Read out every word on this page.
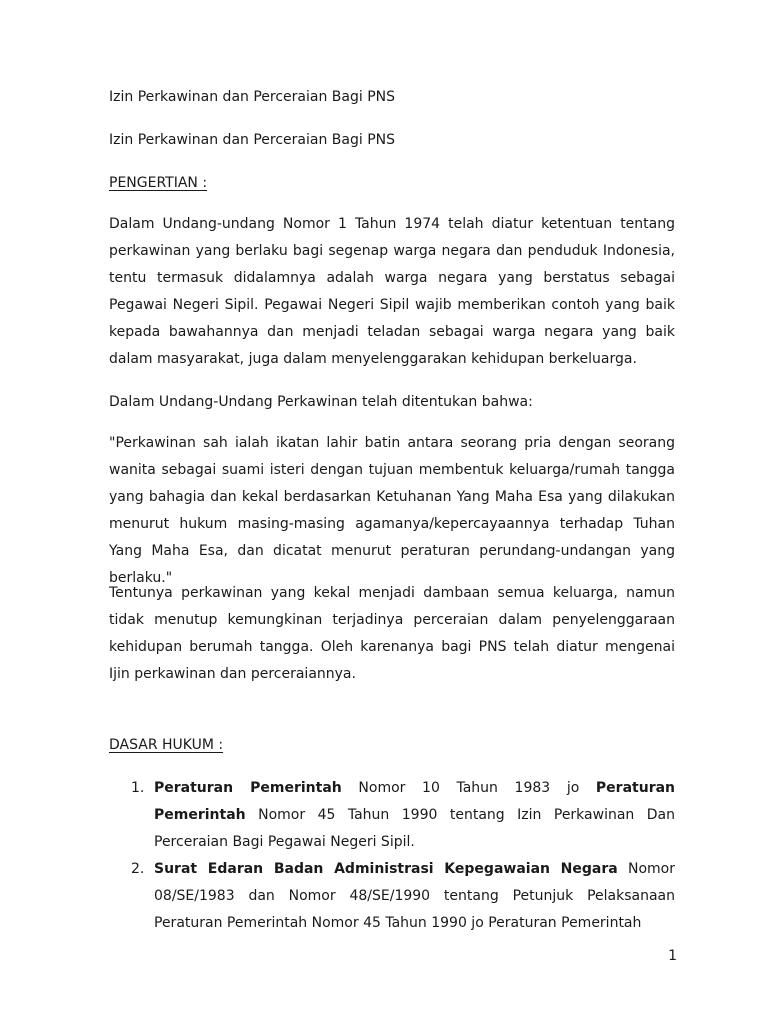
Izin Perkawinan dan Perceraian Bagi PNS

Izin Perkawinan dan Perceraian Bagi PNS

PENGERTIAN :

Dalam Undang-undang Nomor 1 Tahun 1974 telah diatur ketentuan tentang perkawinan yang berlaku bagi segenap warga negara dan penduduk Indonesia, tentu termasuk didalamnya adalah warga negara yang berstatus sebagai Pegawai Negeri Sipil. Pegawai Negeri Sipil wajib memberikan contoh yang baik kepada bawahannya dan menjadi teladan sebagai warga negara yang baik dalam masyarakat, juga dalam menyelenggarakan kehidupan berkeluarga.

Dalam Undang-Undang Perkawinan telah ditentukan bahwa:

"Perkawinan sah ialah ikatan lahir batin antara seorang pria dengan seorang wanita sebagai suami isteri dengan tujuan membentuk keluarga/rumah tangga yang bahagia dan kekal berdasarkan Ketuhanan Yang Maha Esa yang dilakukan menurut hukum masing-masing agamanya/kepercayaannya terhadap Tuhan Yang Maha Esa, dan dicatat menurut peraturan perundang-undangan yang berlaku."

Tentunya perkawinan yang kekal menjadi dambaan semua keluarga, namun tidak menutup kemungkinan terjadinya perceraian dalam penyelenggaraan kehidupan berumah tangga. Oleh karenanya bagi PNS telah diatur mengenai Ijin perkawinan dan perceraiannya.

DASAR HUKUM :

1. Peraturan Pemerintah Nomor 10 Tahun 1983 jo Peraturan Pemerintah Nomor 45 Tahun 1990 tentang Izin Perkawinan Dan Perceraian Bagi Pegawai Negeri Sipil.
2. Surat Edaran Badan Administrasi Kepegawaian Negara Nomor 08/SE/1983 dan Nomor 48/SE/1990 tentang Petunjuk Pelaksanaan Peraturan Pemerintah Nomor 45 Tahun 1990 jo Peraturan Pemerintah
1
